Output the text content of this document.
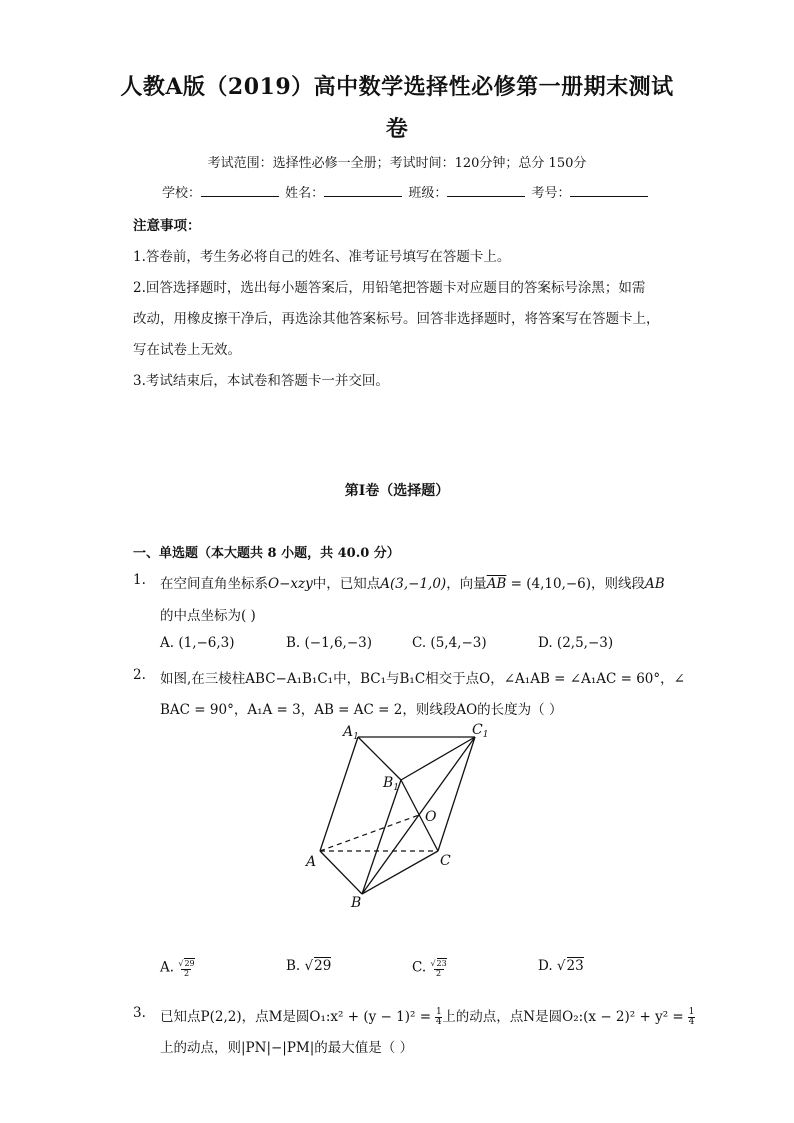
人教A版（2019）高中数学选择性必修第一册期末测试
卷
考试范围：选择性必修一全册；考试时间：120分钟；总分 150分
学校：	姓名：	班级：	考号：
注意事项：
1.答卷前，考生务必将自己的姓名、准考证号填写在答题卡上。
2.回答选择题时，选出每小题答案后，用铅笔把答题卡对应题目的答案标号涂黑；如需
改动，用橡皮擦干净后，再选涂其他答案标号。回答非选择题时，将答案写在答题卡上，
写在试卷上无效。
3.考试结束后，本试卷和答题卡一并交回。
第Ⅰ卷（选择题）
一、单选题（本大题共 8 小题，共 40.0 分）
1. 在空间直角坐标系O−xzy中，已知点A(3,−1,0)，向量$\overline{AB} = (4,10,-6)$，则线段AB
的中点坐标为( )
A. (1,−6,3)	B. (−1,6,−3)	C. (5,4,−3)	D. (2,5,−3)
2. 如图,在三棱柱ABC−A₁B₁C₁中，BC₁与B₁C相交于点O，∠A₁AB = ∠A₁AC = 60°，∠
BAC = 90°，A₁A = 3，AB = AC = 2，则线段AO的长度为（ ）
$A_1$	$C_1$
$B_1$
O
A	C
B
A. $\frac{√29}{2}$	B. √29	C. $\frac{√23}{2}$	D. √23
3. 已知点P(2,2)，点M是圆O₁:x² + $(y - 1)^2 = \frac{1}{4}$上的动点，点N是圆O₂:(x − $2)^2 + y^2 = \frac{1}{4}$
上的动点，则|PN|−|PM|的最大值是（ ）
